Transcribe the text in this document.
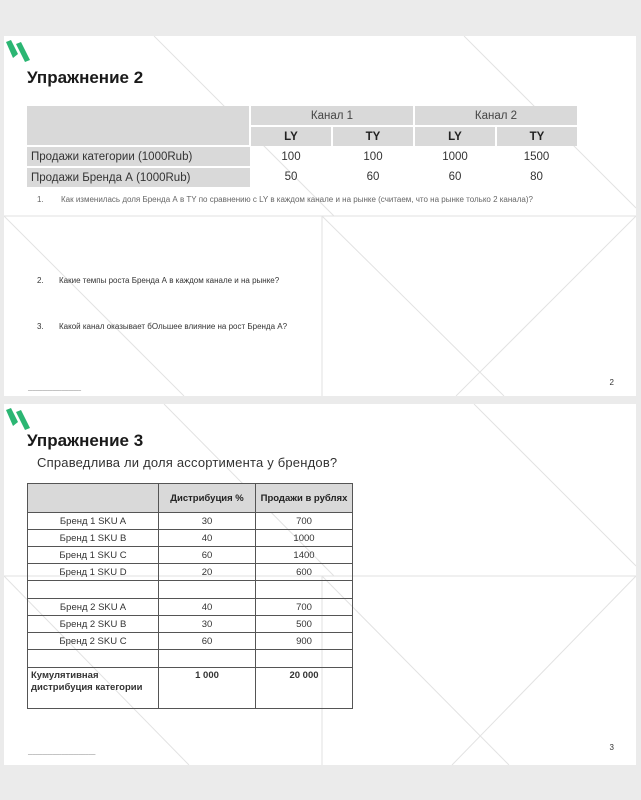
Упражнение 2
	Канал 1		Канал 2	
	LY	TY	LY	TY
Продажи категории (1000Rub)	100	100	1000	1500
Продажи Бренда А (1000Rub)	50	60	60	80
1. Как изменилась доля Бренда А в TY по сравнению с LY в каждом канале и на рынке (считаем, что на рынке только 2 канала)?
2. Какие темпы роста Бренда А в каждом канале и на рынке?
3. Какой канал оказывает бОльшее влияние на рост Бренда А?
━━━━━━━━━━━━━━━━━━━━━━
2
Упражнение 3
Справедлива ли доля ассортимента у брендов?
	Дистрибуция %	Продажи в рублях
Бренд 1 SKU A	30	700
Бренд 1 SKU B	40	1000
Бренд 1 SKU C	60	1400
Бренд 1 SKU D	20	600

Бренд 2 SKU A	40	700
Бренд 2 SKU B	30	500
Бренд 2 SKU C	60	900

Кумулятивная дистрибуция категории	1 000	20 000
━━━━━━━━━━━━━━━━━━━━━━━━━━━━
3
